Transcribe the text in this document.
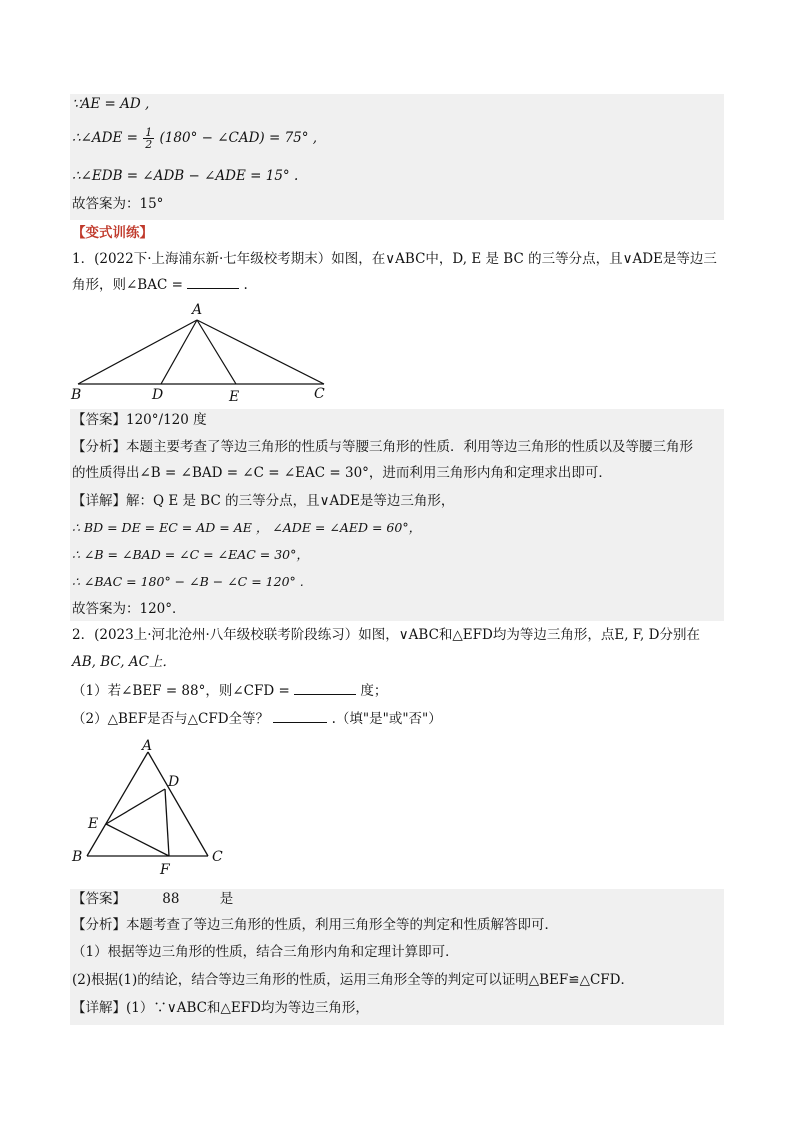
∵AE = AD ,
∴∠ADE = $\frac{1}{2} (180^\circ$ − ∠CAD) = 75° ,
∴∠EDB = ∠ADB − ∠ADE = 15° .
故答案为：15°
【变式训练】
1．(2022下·上海浦东新·七年级校考期末）如图，在∨ABC中，D, E 是 BC 的三等分点，且∨ADE是等边三
角形，则∠BAC =	.
A
B	D	E	C
【答案】120°/120 度
【分析】本题主要考查了等边三角形的性质与等腰三角形的性质．利用等边三角形的性质以及等腰三角形
的性质得出∠B = ∠BAD = ∠C = ∠EAC = 30°，进而利用三角形内角和定理求出即可．
【详解】解：Q E 是 BC 的三等分点，且∨ADE是等边三角形，
∴ BD = DE = EC = AD = AE ， ∠ADE = ∠AED = 60°，
∴ ∠B = ∠BAD = ∠C = ∠EAC = 30°，
∴ ∠BAC = 180° − ∠B − ∠C = 120° .
故答案为：120°．
2．(2023上·河北沧州·八年级校联考阶段练习）如图，∨ABC和△EFD均为等边三角形，点E, F, D分别在
AB, BC, AC上．
（1）若∠BEF = 88°，则∠CFD =	度；
（2）△BEF是否与△CFD全等？	.（填"是"或"否"）
A
D
E
B
F
C
【答案】	88	是
【分析】本题考查了等边三角形的性质，利用三角形全等的判定和性质解答即可．
（1）根据等边三角形的性质，结合三角形内角和定理计算即可．
(2)根据(1)的结论，结合等边三角形的性质，运用三角形全等的判定可以证明△BEF≌△CFD．
【详解】(1）∵∨ABC和△EFD均为等边三角形，
